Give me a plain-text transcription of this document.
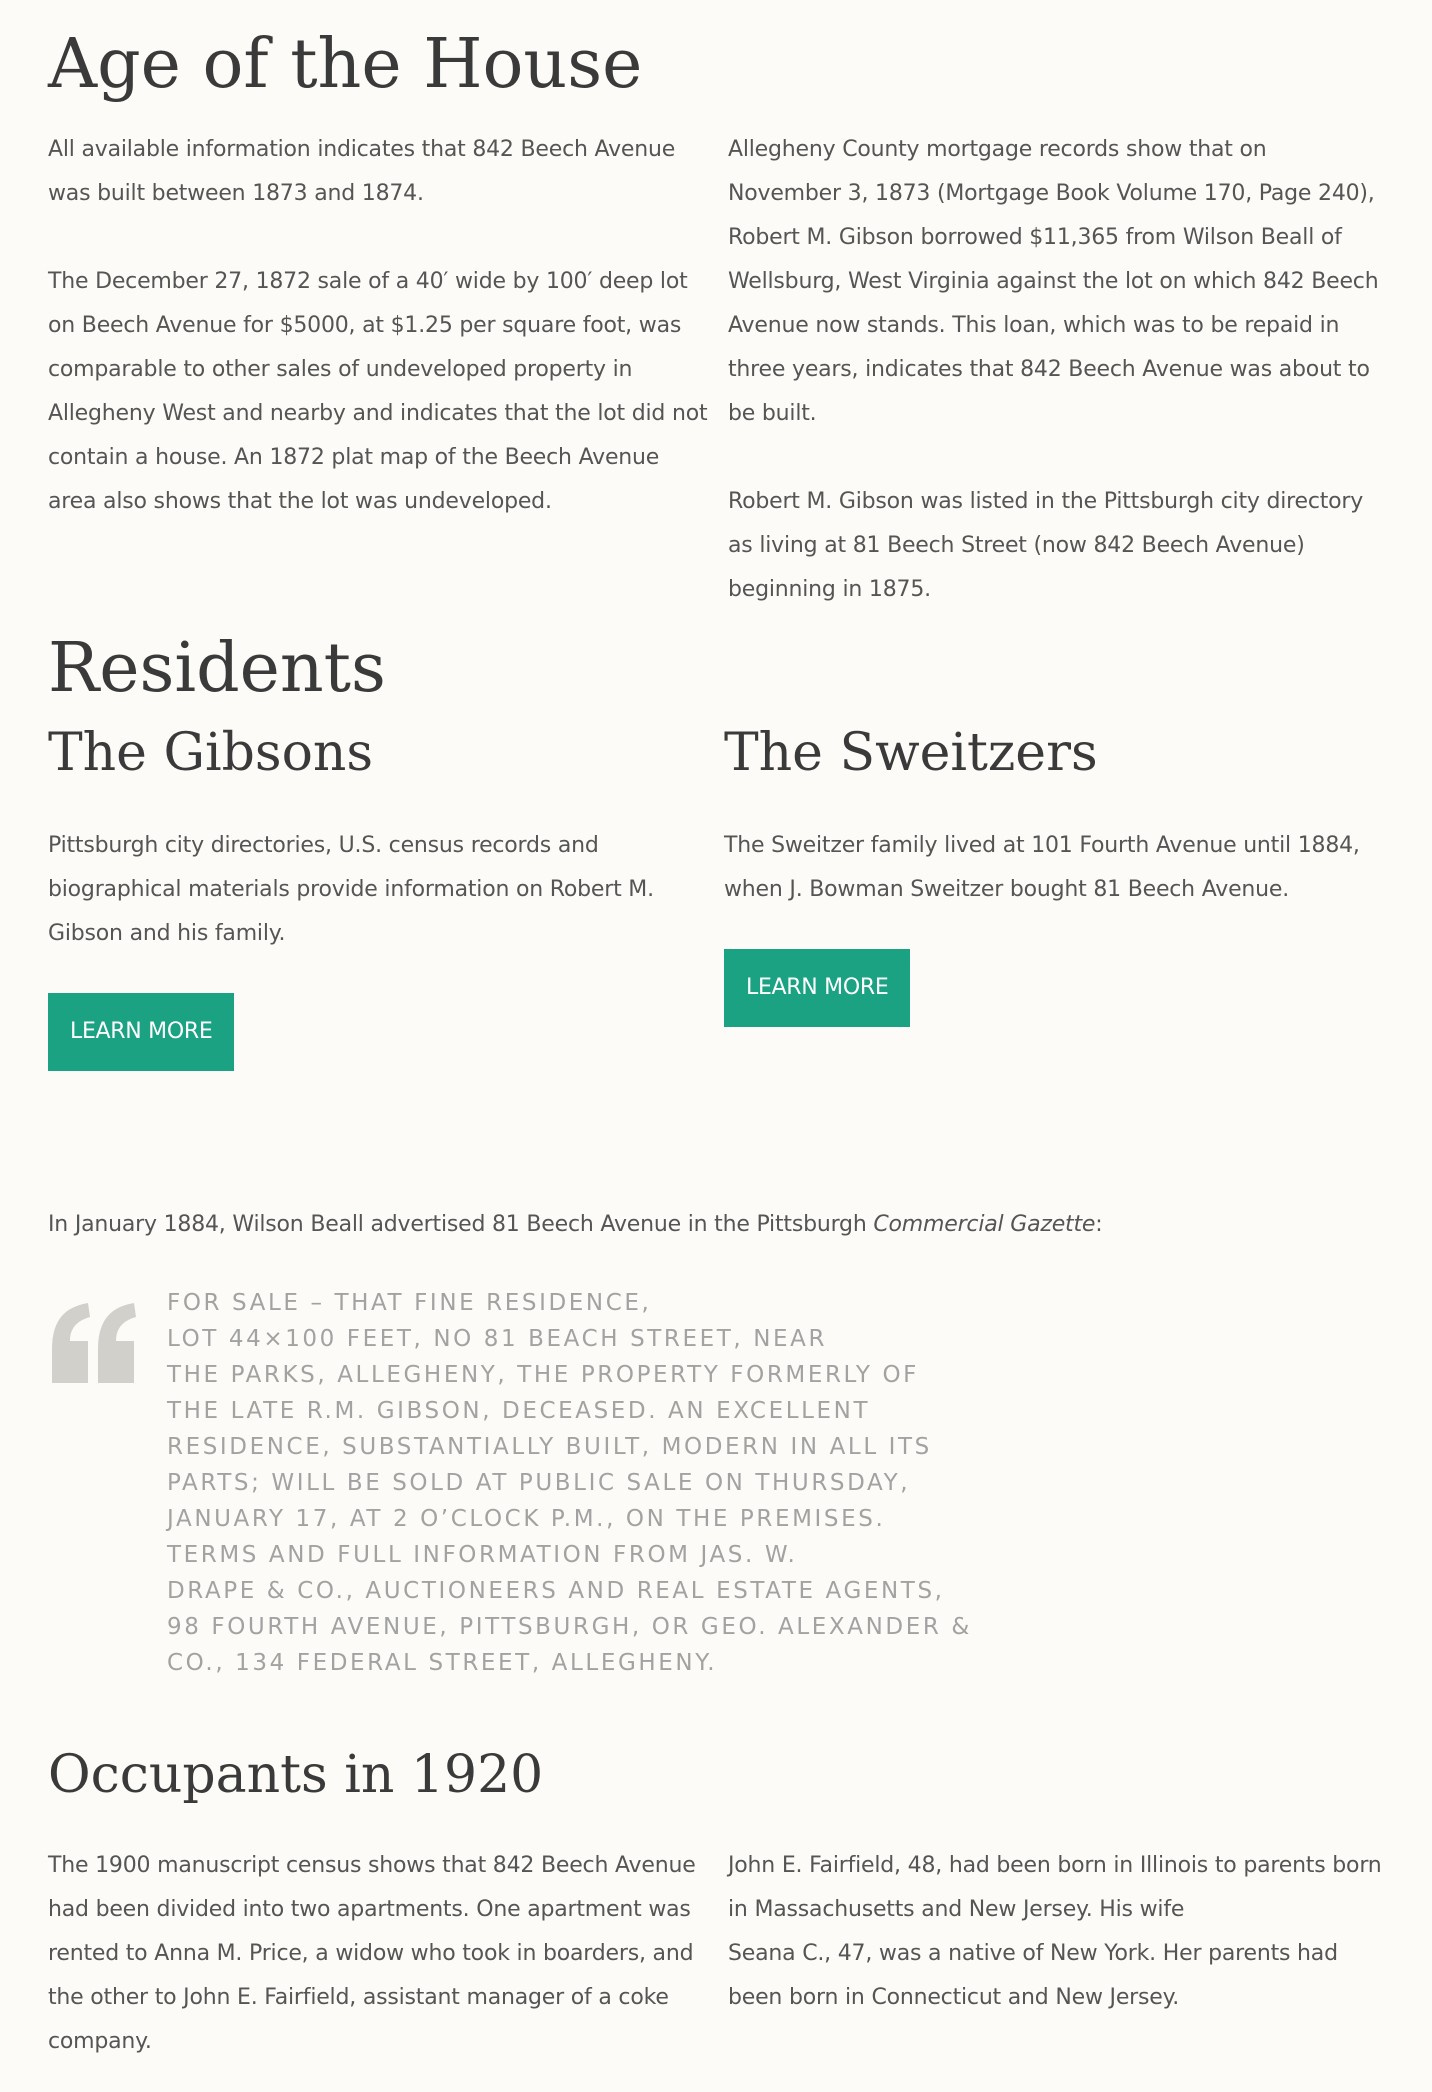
Age of the House

All available information indicates that 842 Beech Avenue was built between 1873 and 1874.

The December 27, 1872 sale of a 40′ wide by 100′ deep lot on Beech Avenue for $5000, at $1.25 per square foot, was comparable to other sales of undeveloped property in Allegheny West and nearby and indicates that the lot did not contain a house. An 1872 plat map of the Beech Avenue area also shows that the lot was undeveloped.

Allegheny County mortgage records show that on November 3, 1873 (Mortgage Book Volume 170, Page 240), Robert M. Gibson borrowed $11,365 from Wilson Beall of Wellsburg, West Virginia against the lot on which 842 Beech Avenue now stands. This loan, which was to be repaid in three years, indicates that 842 Beech Avenue was about to be built.

Robert M. Gibson was listed in the Pittsburgh city directory as living at 81 Beech Street (now 842 Beech Avenue) beginning in 1875.

Residents
The Gibsons

Pittsburgh city directories, U.S. census records and biographical materials provide information on Robert M. Gibson and his family.

LEARN MORE
The Sweitzers

The Sweitzer family lived at 101 Fourth Avenue until 1884, when J. Bowman Sweitzer bought 81 Beech Avenue.

LEARN MORE

In January 1884, Wilson Beall advertised 81 Beech Avenue in the Pittsburgh Commercial Gazette:

FOR SALE – THAT FINE RESIDENCE,
LOT 44×100 FEET, NO 81 BEACH STREET, NEAR
THE PARKS, ALLEGHENY, THE PROPERTY FORMERLY OF
THE LATE R.M. GIBSON, DECEASED. AN EXCELLENT
RESIDENCE, SUBSTANTIALLY BUILT, MODERN IN ALL ITS
PARTS; WILL BE SOLD AT PUBLIC SALE ON THURSDAY,
JANUARY 17, AT 2 O’CLOCK P.M., ON THE PREMISES.
TERMS AND FULL INFORMATION FROM JAS. W.
DRAPE & CO., AUCTIONEERS AND REAL ESTATE AGENTS,
98 FOURTH AVENUE, PITTSBURGH, OR GEO. ALEXANDER &
CO., 134 FEDERAL STREET, ALLEGHENY.
Occupants in 1920

The 1900 manuscript census shows that 842 Beech Avenue had been divided into two apartments. One apartment was rented to Anna M. Price, a widow who took in boarders, and the other to John E. Fairfield, assistant manager of a coke company.

John E. Fairfield, 48, had been born in Illinois to parents born in Massachusetts and New Jersey. His wife
Seana C., 47, was a native of New York. Her parents had been born in Connecticut and New Jersey.
